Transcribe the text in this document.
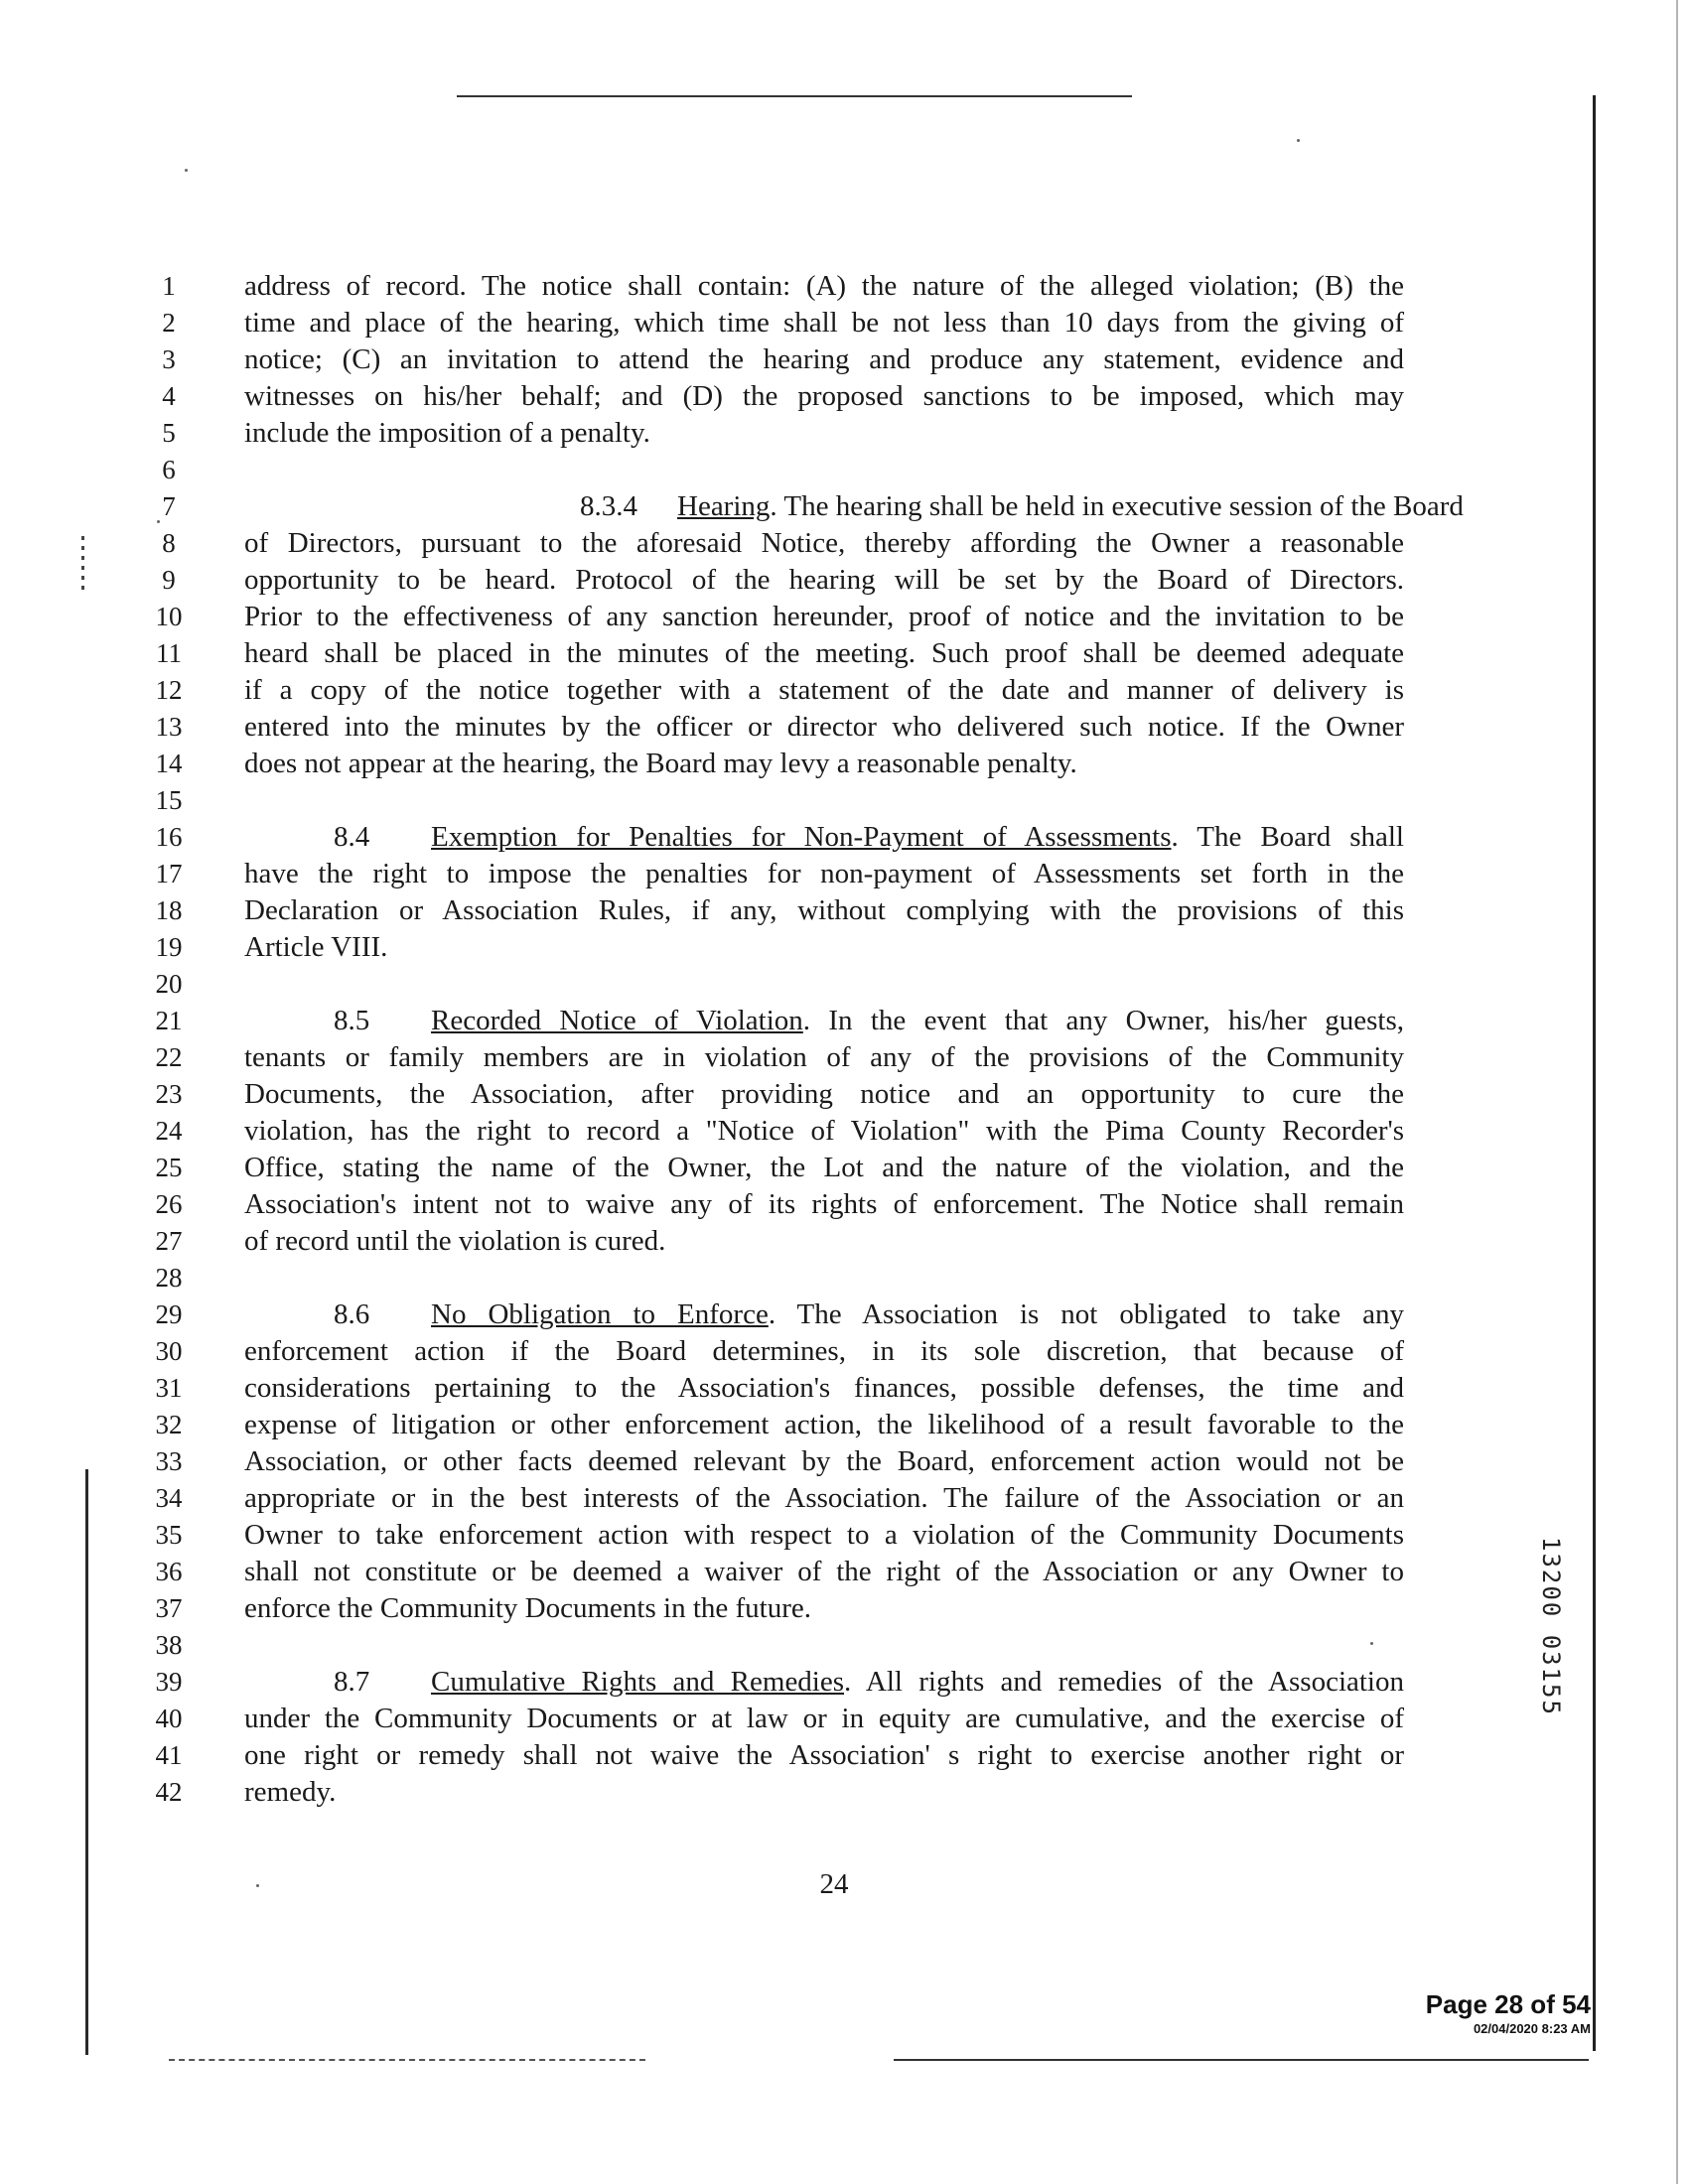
1	address of record. The notice shall contain: (A) the nature of the alleged violation; (B) the
2	time and place of the hearing, which time shall be not less than 10 days from the giving of
3	notice; (C) an invitation to attend the hearing and produce any statement, evidence and
4	witnesses on his/her behalf; and (D) the proposed sanctions to be imposed, which may
5	include the imposition of a penalty.
6
7	8.3.4 Hearing. The hearing shall be held in executive session of the Board
8	of Directors, pursuant to the aforesaid Notice, thereby affording the Owner a reasonable
9	opportunity to be heard. Protocol of the hearing will be set by the Board of Directors.
10	Prior to the effectiveness of any sanction hereunder, proof of notice and the invitation to be
11	heard shall be placed in the minutes of the meeting. Such proof shall be deemed adequate
12	if a copy of the notice together with a statement of the date and manner of delivery is
13	entered into the minutes by the officer or director who delivered such notice. If the Owner
14	does not appear at the hearing, the Board may levy a reasonable penalty.
15
16	8.4 Exemption for Penalties for Non-Payment of Assessments. The Board shall
17	have the right to impose the penalties for non-payment of Assessments set forth in the
18	Declaration or Association Rules, if any, without complying with the provisions of this
19	Article VIII.
20
21	8.5 Recorded Notice of Violation. In the event that any Owner, his/her guests,
22	tenants or family members are in violation of any of the provisions of the Community
23	Documents, the Association, after providing notice and an opportunity to cure the
24	violation, has the right to record a "Notice of Violation" with the Pima County Recorder's
25	Office, stating the name of the Owner, the Lot and the nature of the violation, and the
26	Association's intent not to waive any of its rights of enforcement. The Notice shall remain
27	of record until the violation is cured.
28
29	8.6 No Obligation to Enforce. The Association is not obligated to take any
30	enforcement action if the Board determines, in its sole discretion, that because of
31	considerations pertaining to the Association's finances, possible defenses, the time and
32	expense of litigation or other enforcement action, the likelihood of a result favorable to the
33	Association, or other facts deemed relevant by the Board, enforcement action would not be
34	appropriate or in the best interests of the Association. The failure of the Association or an
35	Owner to take enforcement action with respect to a violation of the Community Documents
36	shall not constitute or be deemed a waiver of the right of the Association or any Owner to
37	enforce the Community Documents in the future.
38
39	8.7 Cumulative Rights and Remedies. All rights and remedies of the Association
40	under the Community Documents or at law or in equity are cumulative, and the exercise of
41	one right or remedy shall not waive the Association' s right to exercise another right or
42	remedy.
24
Page 28 of 54
02/04/2020 8:23 AM
13200 03155
